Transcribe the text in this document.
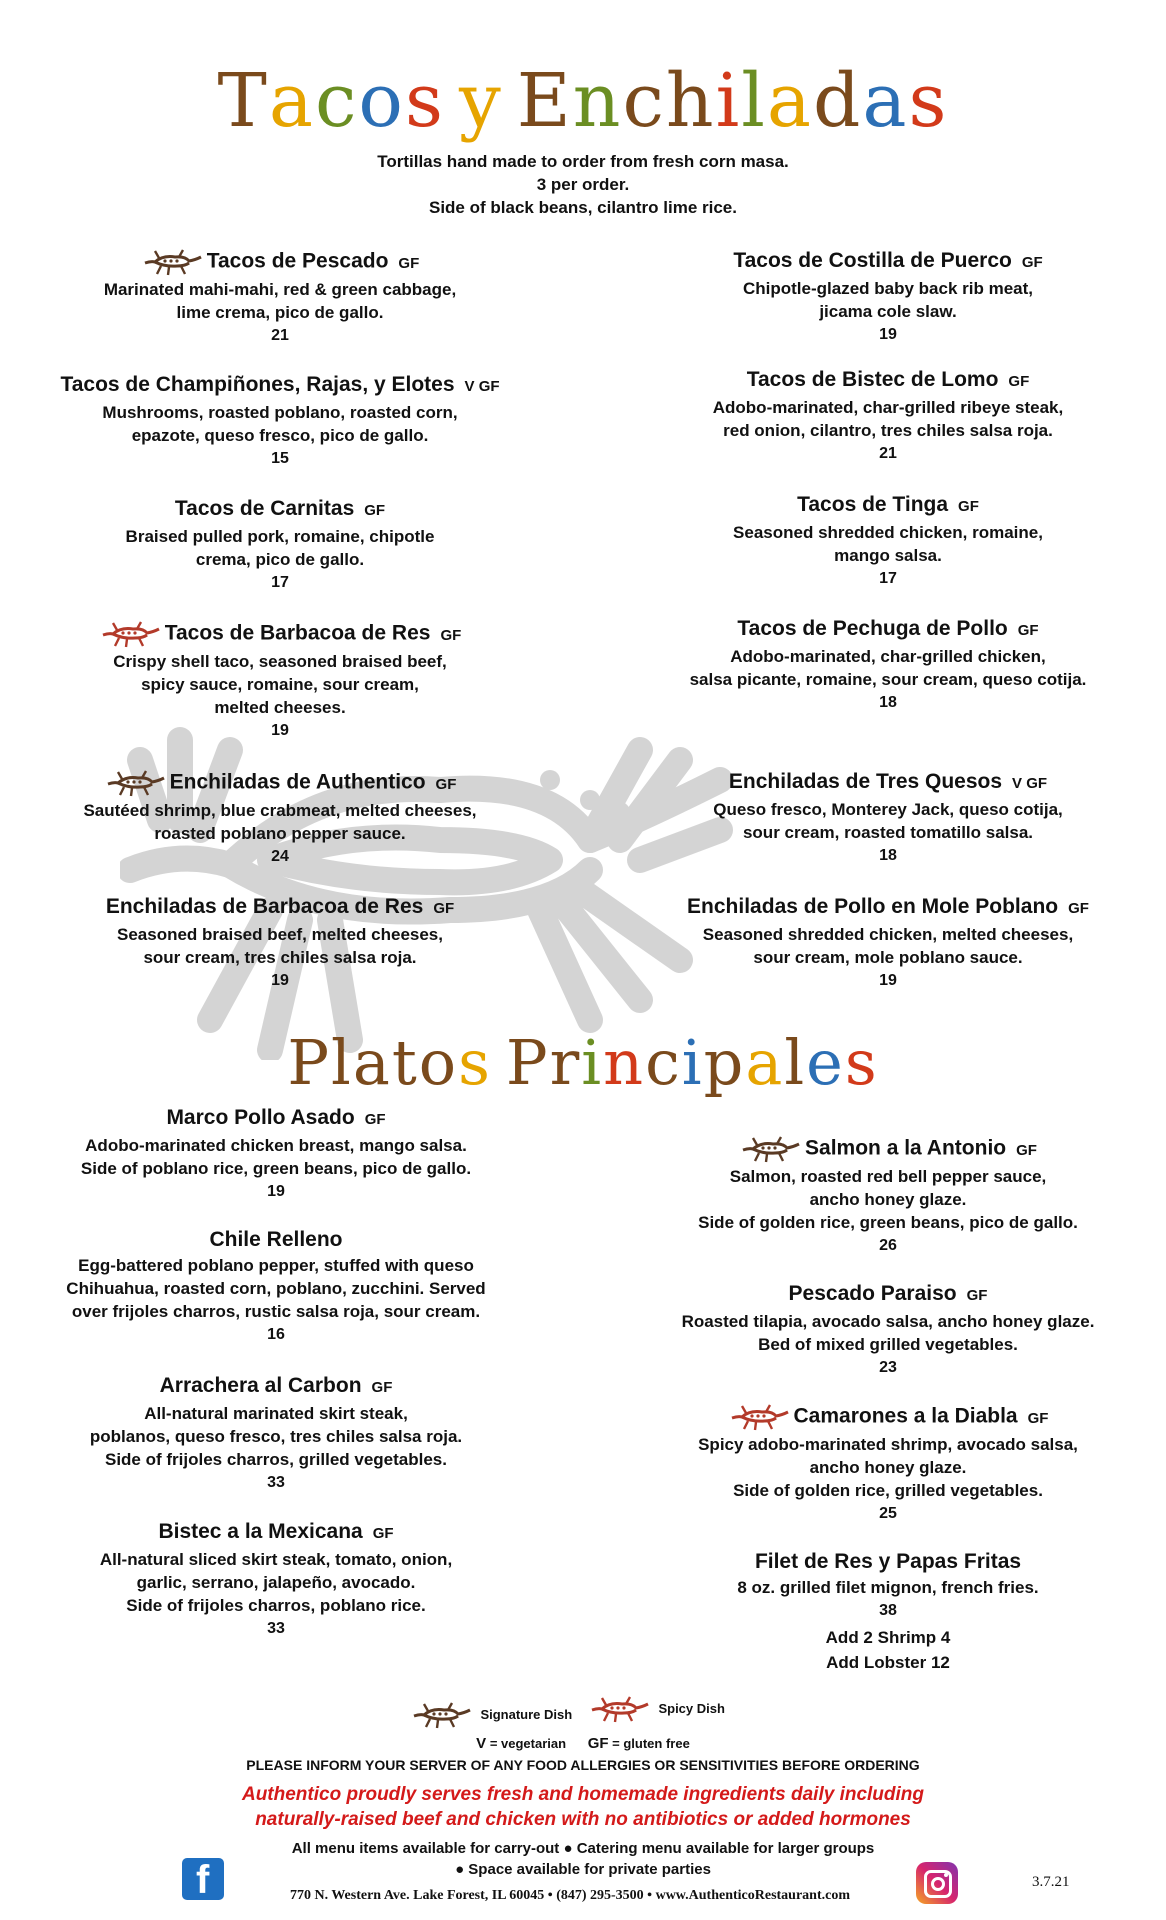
Tacos y Enchiladas
Tortillas hand made to order from fresh corn masa.
3 per order.
Side of black beans, cilantro lime rice.
Platos Principales
Signature Dish	Spicy Dish
V = vegetarian GF = gluten free
PLEASE INFORM YOUR SERVER OF ANY FOOD ALLERGIES OR SENSITIVITIES BEFORE ORDERING
Authentico proudly serves fresh and homemade ingredients daily including
naturally-raised beef and chicken with no antibiotics or added hormones
All menu items available for carry-out ● Catering menu available for larger groups
● Space available for private parties
f	770 N. Western Ave. Lake Forest, IL 60045 • (847) 295-3500 • www.AuthenticoRestaurant.com
3.7.21
Tacos de Pescado GF
Marinated mahi-mahi, red & green cabbage,
lime crema, pico de gallo.
21
Tacos de Champiñones, Rajas, y Elotes V GF
Mushrooms, roasted poblano, roasted corn,
epazote, queso fresco, pico de gallo.
15
Tacos de Carnitas GF
Braised pulled pork, romaine, chipotle
crema, pico de gallo.
17
Tacos de Barbacoa de Res GF
Crispy shell taco, seasoned braised beef,
spicy sauce, romaine, sour cream,
melted cheeses.
19
Enchiladas de Authentico GF
Sautéed shrimp, blue crabmeat, melted cheeses,
roasted poblano pepper sauce.
24
Enchiladas de Barbacoa de Res GF
Seasoned braised beef, melted cheeses,
sour cream, tres chiles salsa roja.
19
Tacos de Costilla de Puerco GF
Chipotle-glazed baby back rib meat,
jicama cole slaw.
19
Tacos de Bistec de Lomo GF
Adobo-marinated, char-grilled ribeye steak,
red onion, cilantro, tres chiles salsa roja.
21
Tacos de Tinga GF
Seasoned shredded chicken, romaine,
mango salsa.
17
Tacos de Pechuga de Pollo GF
Adobo-marinated, char-grilled chicken,
salsa picante, romaine, sour cream, queso cotija.
18
Enchiladas de Tres Quesos V GF
Queso fresco, Monterey Jack, queso cotija,
sour cream, roasted tomatillo salsa.
18
Enchiladas de Pollo en Mole Poblano GF
Seasoned shredded chicken, melted cheeses,
sour cream, mole poblano sauce.
19
Marco Pollo Asado GF
Adobo-marinated chicken breast, mango salsa.
Side of poblano rice, green beans, pico de gallo.
19
Chile Relleno
Egg-battered poblano pepper, stuffed with queso
Chihuahua, roasted corn, poblano, zucchini. Served
over frijoles charros, rustic salsa roja, sour cream.
16
Arrachera al Carbon GF
All-natural marinated skirt steak,
poblanos, queso fresco, tres chiles salsa roja.
Side of frijoles charros, grilled vegetables.
33
Bistec a la Mexicana GF
All-natural sliced skirt steak, tomato, onion,
garlic, serrano, jalapeño, avocado.
Side of frijoles charros, poblano rice.
33
Salmon a la Antonio GF
Salmon, roasted red bell pepper sauce,
ancho honey glaze.
Side of golden rice, green beans, pico de gallo.
26
Pescado Paraiso GF
Roasted tilapia, avocado salsa, ancho honey glaze.
Bed of mixed grilled vegetables.
23
Camarones a la Diabla GF
Spicy adobo-marinated shrimp, avocado salsa,
ancho honey glaze.
Side of golden rice, grilled vegetables.
25
Filet de Res y Papas Fritas
8 oz. grilled filet mignon, french fries.
38
Add 2 Shrimp 4
Add Lobster 12
